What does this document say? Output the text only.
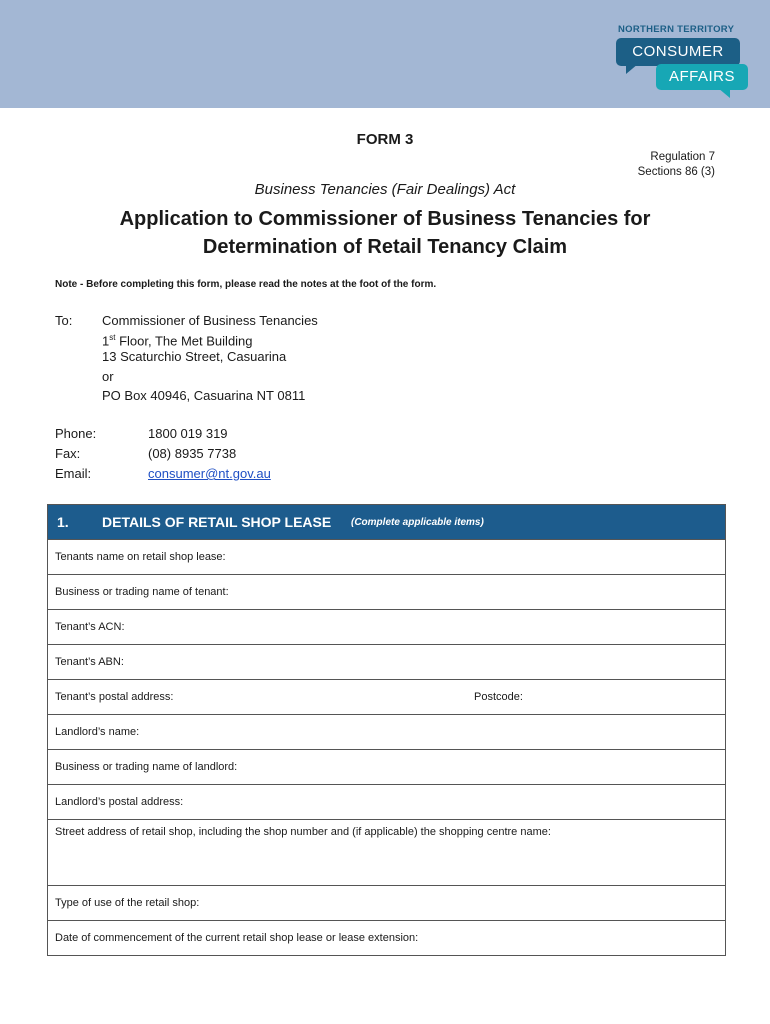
NORTHERN TERRITORY
CONSUMER
AFFAIRS
FORM 3
Regulation 7
Sections 86 (3)
Business Tenancies (Fair Dealings) Act
Application to Commissioner of Business Tenancies for
Determination of Retail Tenancy Claim
Note - Before completing this form, please read the notes at the foot of the form.
To: Commissioner of Business Tenancies
1st Floor, The Met Building
13 Scaturchio Street, Casuarina
or
PO Box 40946, Casuarina NT 0811
Phone:	1800 019 319
Fax:	(08) 8935 7738
Email:	consumer@nt.gov.au
1. DETAILS OF RETAIL SHOP LEASE (Complete applicable items)
Tenants name on retail shop lease:
Business or trading name of tenant:
Tenant’s ACN:
Tenant’s ABN:
Tenant’s postal address:	Postcode:
Landlord’s name:
Business or trading name of landlord:
Landlord’s postal address:
Street address of retail shop, including the shop number and (if applicable) the shopping centre name:
Type of use of the retail shop:
Date of commencement of the current retail shop lease or lease extension:
